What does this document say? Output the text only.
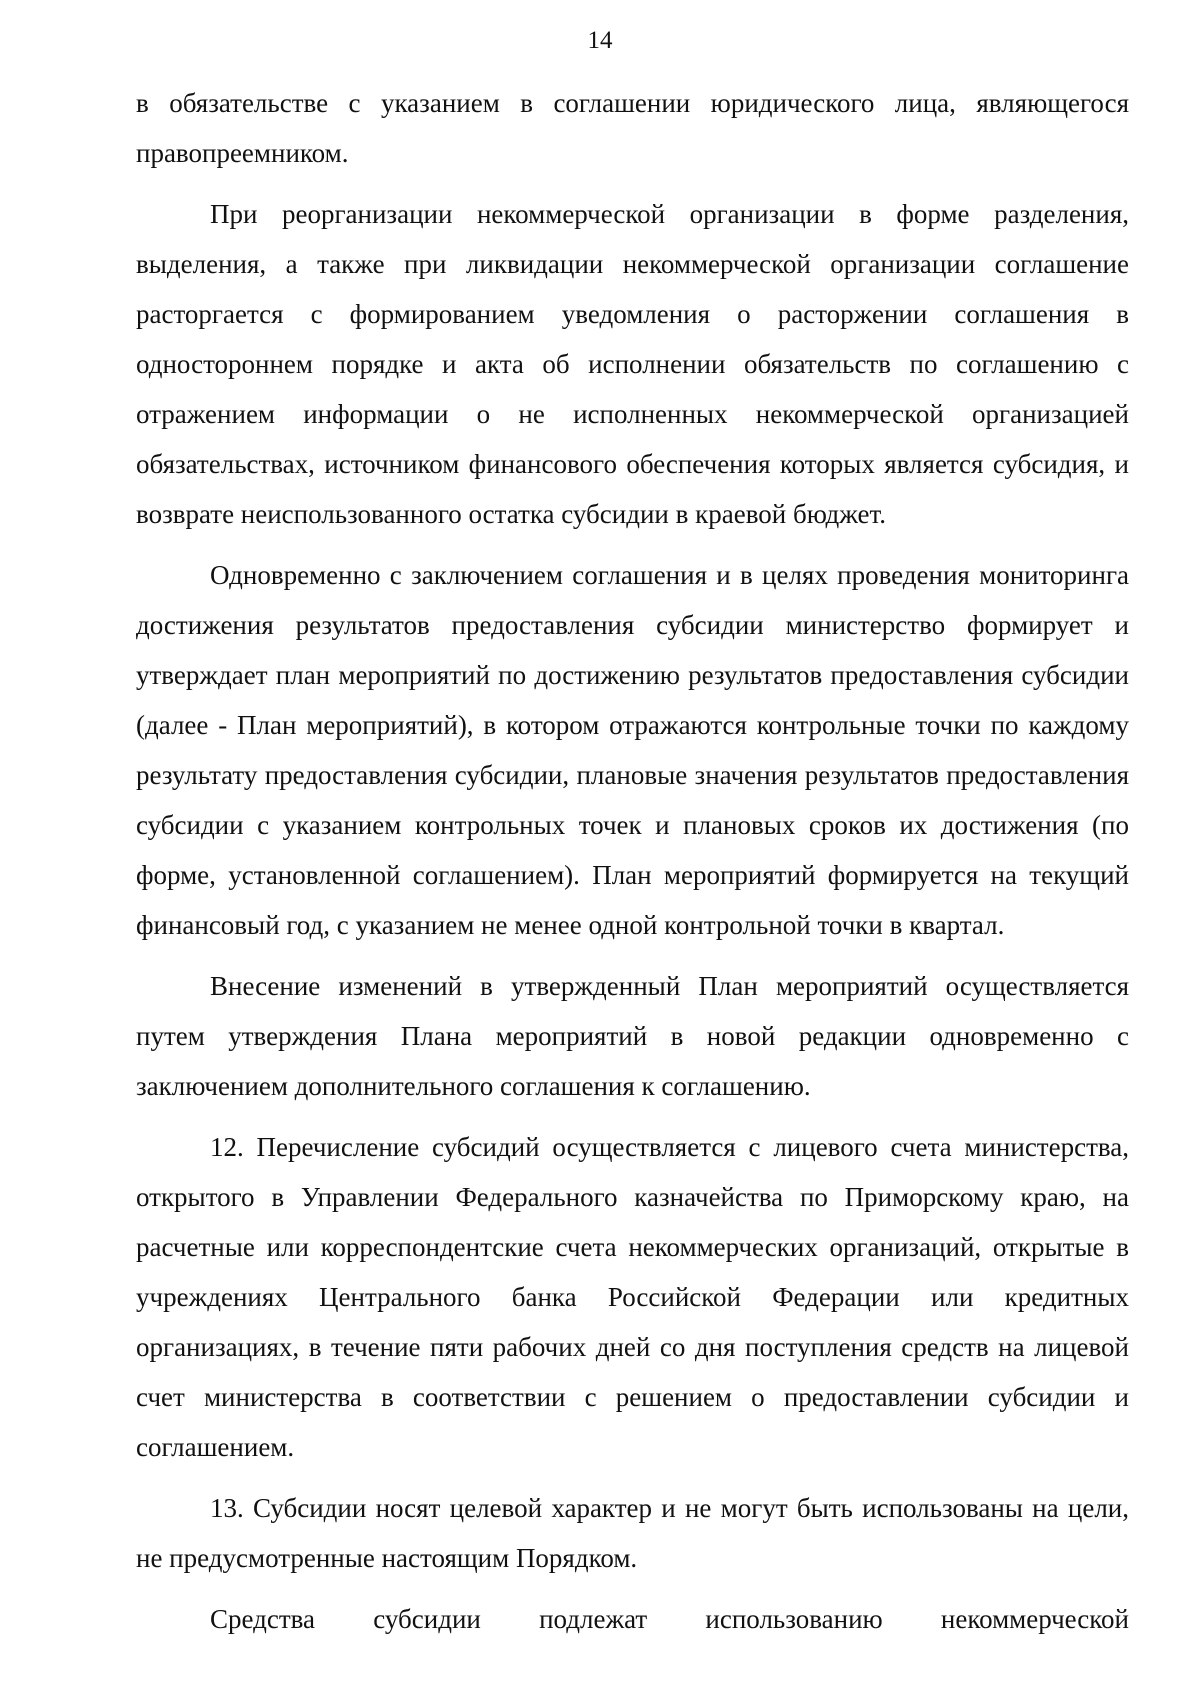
14

в обязательстве с указанием в соглашении юридического лица, являющегося правопреемником.

При реорганизации некоммерческой организации в форме разделения, выделения, а также при ликвидации некоммерческой организации соглашение расторгается с формированием уведомления о расторжении соглашения в одностороннем порядке и акта об исполнении обязательств по соглашению с отражением информации о не исполненных некоммерческой организацией обязательствах, источником финансового обеспечения которых является субсидия, и возврате неиспользованного остатка субсидии в краевой бюджет.

Одновременно с заключением соглашения и в целях проведения мониторинга достижения результатов предоставления субсидии министерство формирует и утверждает план мероприятий по достижению результатов предоставления субсидии (далее - План мероприятий), в котором отражаются контрольные точки по каждому результату предоставления субсидии, плановые значения результатов предоставления субсидии с указанием контрольных точек и плановых сроков их достижения (по форме, установленной соглашением). План мероприятий формируется на текущий финансовый год, с указанием не менее одной контрольной точки в квартал.

Внесение изменений в утвержденный План мероприятий осуществляется путем утверждения Плана мероприятий в новой редакции одновременно с заключением дополнительного соглашения к соглашению.

12. Перечисление субсидий осуществляется с лицевого счета министерства, открытого в Управлении Федерального казначейства по Приморскому краю, на расчетные или корреспондентские счета некоммерческих организаций, открытые в учреждениях Центрального банка Российской Федерации или кредитных организациях, в течение пяти рабочих дней со дня поступления средств на лицевой счет министерства в соответствии с решением о предоставлении субсидии и соглашением.

13. Субсидии носят целевой характер и не могут быть использованы на цели, не предусмотренные настоящим Порядком.

Средства субсидии подлежат использованию некоммерческой
